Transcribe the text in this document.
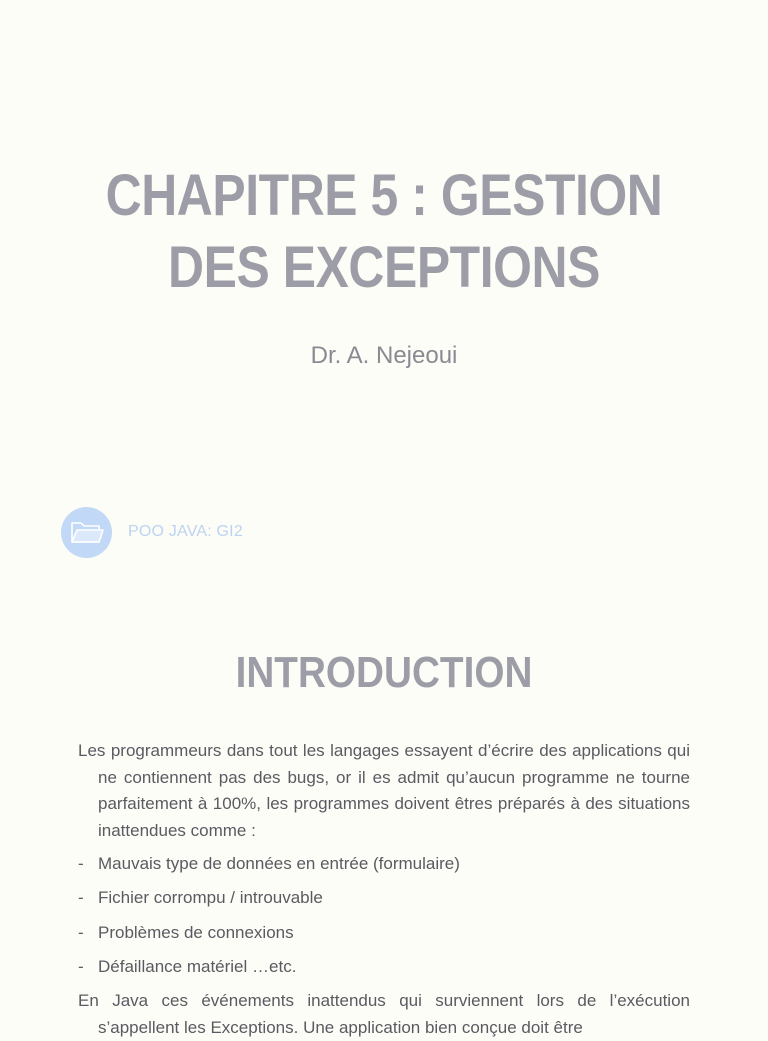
CHAPITRE 5 : GESTION
DES EXCEPTIONS
Dr. A. Nejeoui
POO JAVA: GI2
INTRODUCTION

Les programmeurs dans tout les langages essayent d’écrire des applications qui ne contiennent pas des bugs, or il es admit qu’aucun programme ne tourne parfaitement à 100%, les programmes doivent êtres préparés à des situations inattendues comme :

- Mauvais type de données en entrée (formulaire)
- Fichier corrompu / introuvable
- Problèmes de connexions
- Défaillance matériel …etc.

En Java ces événements inattendus qui surviennent lors de l’exécution s’appellent les Exceptions. Une application bien conçue doit être
